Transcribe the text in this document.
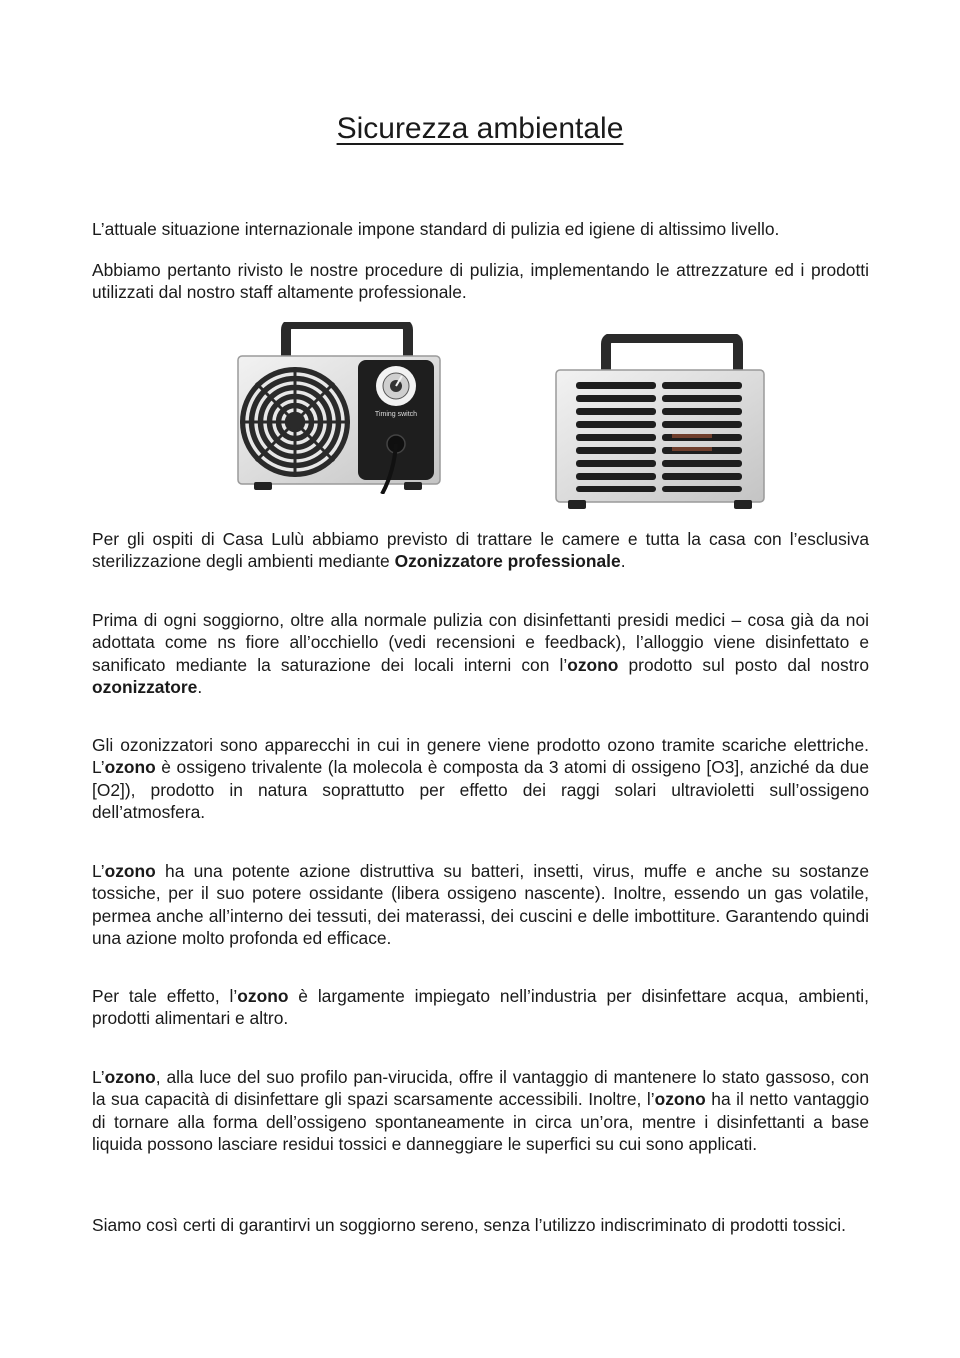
Sicurezza ambientale

L’attuale situazione internazionale impone standard di pulizia ed igiene di altissimo livello.

Abbiamo pertanto rivisto le nostre procedure di pulizia, implementando le attrezzature ed i prodotti utilizzati dal nostro staff altamente professionale.

Timing switch

Per gli ospiti di Casa Lulù abbiamo previsto di trattare le camere e tutta la casa con l’esclusiva sterilizzazione degli ambienti mediante Ozonizzatore professionale.

Prima di ogni soggiorno, oltre alla normale pulizia con disinfettanti presidi medici – cosa già da noi adottata come ns fiore all’occhiello (vedi recensioni e feedback), l’alloggio viene disinfettato e sanificato mediante la saturazione dei locali interni con l’ozono prodotto sul posto dal nostro ozonizzatore.

Gli ozonizzatori sono apparecchi in cui in genere viene prodotto ozono tramite scariche elettriche. L’ozono è ossigeno trivalente (la molecola è composta da 3 atomi di ossigeno [O3], anziché da due [O2]), prodotto in natura soprattutto per effetto dei raggi solari ultravioletti sull’ossigeno dell’atmosfera.

L’ozono ha una potente azione distruttiva su batteri, insetti, virus, muffe e anche su sostanze tossiche, per il suo potere ossidante (libera ossigeno nascente). Inoltre, essendo un gas volatile, permea anche all’interno dei tessuti, dei materassi, dei cuscini e delle imbottiture. Garantendo quindi una azione molto profonda ed efficace.

Per tale effetto, l’ozono è largamente impiegato nell’industria per disinfettare acqua, ambienti, prodotti alimentari e altro.

L’ozono, alla luce del suo profilo pan-virucida, offre il vantaggio di mantenere lo stato gassoso, con la sua capacità di disinfettare gli spazi scarsamente accessibili. Inoltre, l’ozono ha il netto vantaggio di tornare alla forma dell’ossigeno spontaneamente in circa un’ora, mentre i disinfettanti a base liquida possono lasciare residui tossici e danneggiare le superfici su cui sono applicati.

Siamo così certi di garantirvi un soggiorno sereno, senza l’utilizzo indiscriminato di prodotti tossici.
